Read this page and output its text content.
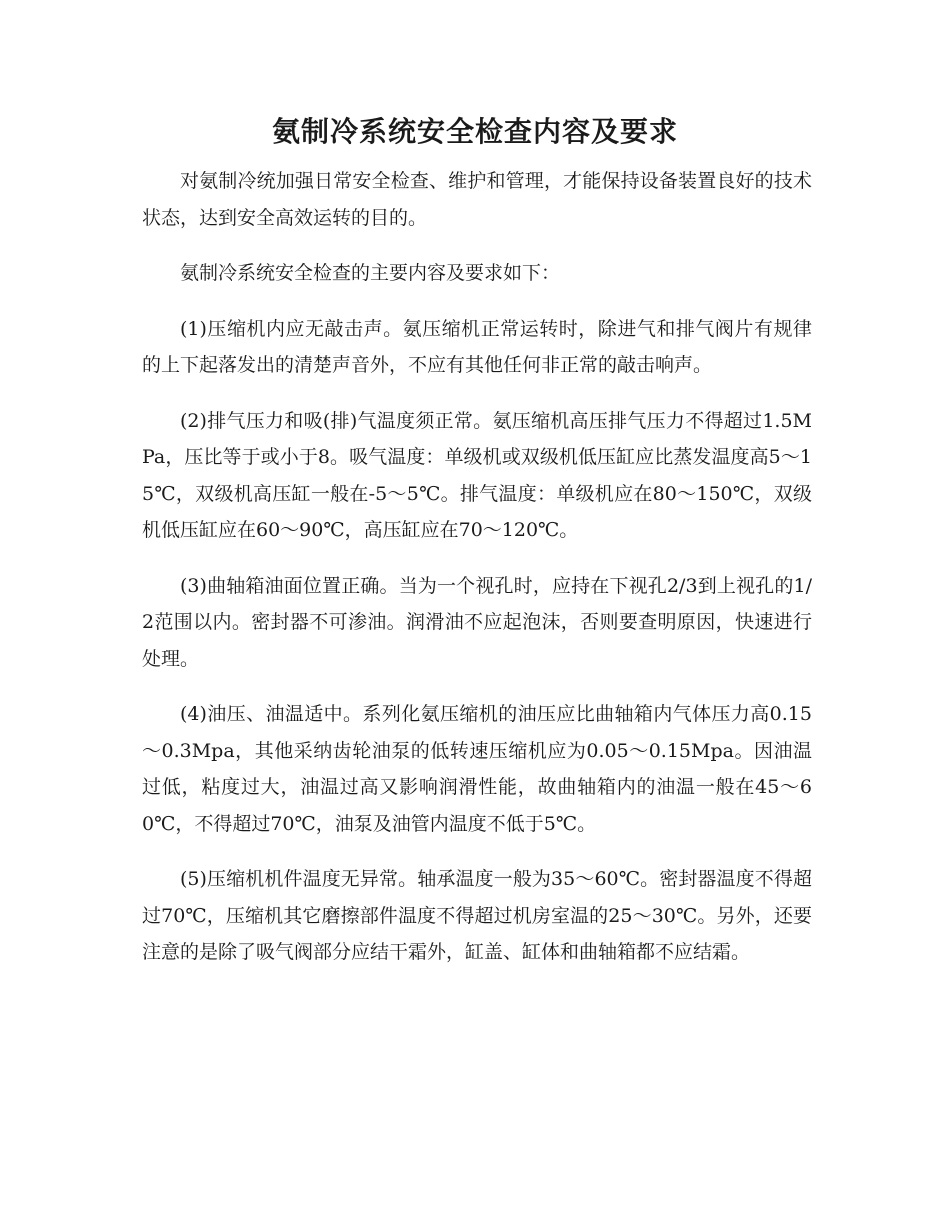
氨制冷系统安全检查内容及要求

对氨制冷统加强日常安全检查、维护和管理，才能保持设备装置良好的技术状态，达到安全高效运转的目的。

氨制冷系统安全检查的主要内容及要求如下：

(1)压缩机内应无敲击声。氨压缩机正常运转时，除进气和排气阀片有规律的上下起落发出的清楚声音外，不应有其他任何非正常的敲击响声。

(2)排气压力和吸(排)气温度须正常。氨压缩机高压排气压力不得超过1.5MPa，压比等于或小于8。吸气温度：单级机或双级机低压缸应比蒸发温度高5～15℃，双级机高压缸一般在-5～5℃。排气温度：单级机应在80～150℃，双级机低压缸应在60～90℃，高压缸应在70～120℃。

(3)曲轴箱油面位置正确。当为一个视孔时，应持在下视孔2/3到上视孔的1/2范围以内。密封器不可渗油。润滑油不应起泡沫，否则要查明原因，快速进行处理。

(4)油压、油温适中。系列化氨压缩机的油压应比曲轴箱内气体压力高0.15～0.3Mpa，其他采纳齿轮油泵的低转速压缩机应为0.05～0.15Mpa。因油温过低，粘度过大，油温过高又影响润滑性能，故曲轴箱内的油温一般在45～60℃，不得超过70℃，油泵及油管内温度不低于5℃。

(5)压缩机机件温度无异常。轴承温度一般为35～60℃。密封器温度不得超过70℃，压缩机其它磨擦部件温度不得超过机房室温的25～30℃。另外，还要注意的是除了吸气阀部分应结干霜外，缸盖、缸体和曲轴箱都不应结霜。
